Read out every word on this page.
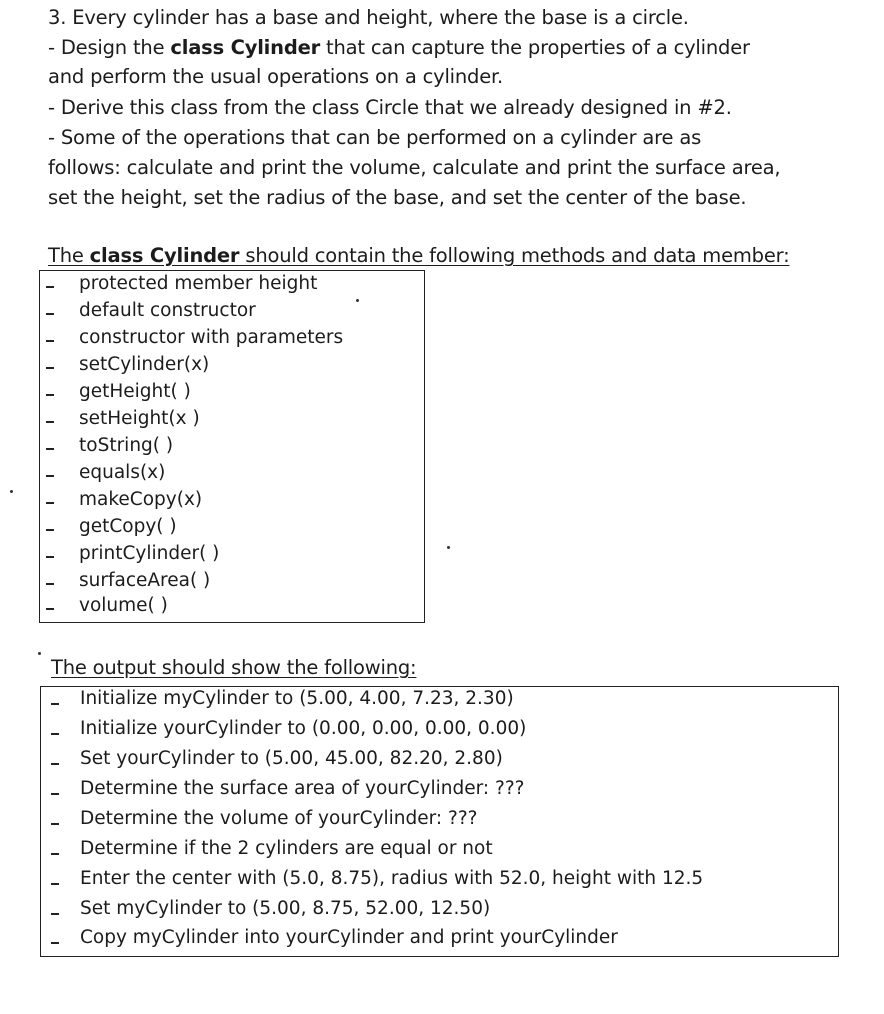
3. Every cylinder has a base and height, where the base is a circle.
- Design the class Cylinder that can capture the properties of a cylinder
and perform the usual operations on a cylinder.
- Derive this class from the class Circle that we already designed in #2.
- Some of the operations that can be performed on a cylinder are as
follows: calculate and print the volume, calculate and print the surface area,
set the height, set the radius of the base, and set the center of the base.
The class Cylinder should contain the following methods and data member:
protected member height
default constructor
constructor with parameters
setCylinder(x)
getHeight( )
setHeight(x )
toString( )
equals(x)
makeCopy(x)
getCopy( )
printCylinder( )
surfaceArea( )
volume( )
The output should show the following:
Initialize myCylinder to (5.00, 4.00, 7.23, 2.30)
Initialize yourCylinder to (0.00, 0.00, 0.00, 0.00)
Set yourCylinder to (5.00, 45.00, 82.20, 2.80)
Determine the surface area of yourCylinder: ???
Determine the volume of yourCylinder: ???
Determine if the 2 cylinders are equal or not
Enter the center with (5.0, 8.75), radius with 52.0, height with 12.5
Set myCylinder to (5.00, 8.75, 52.00, 12.50)
Copy myCylinder into yourCylinder and print yourCylinder
